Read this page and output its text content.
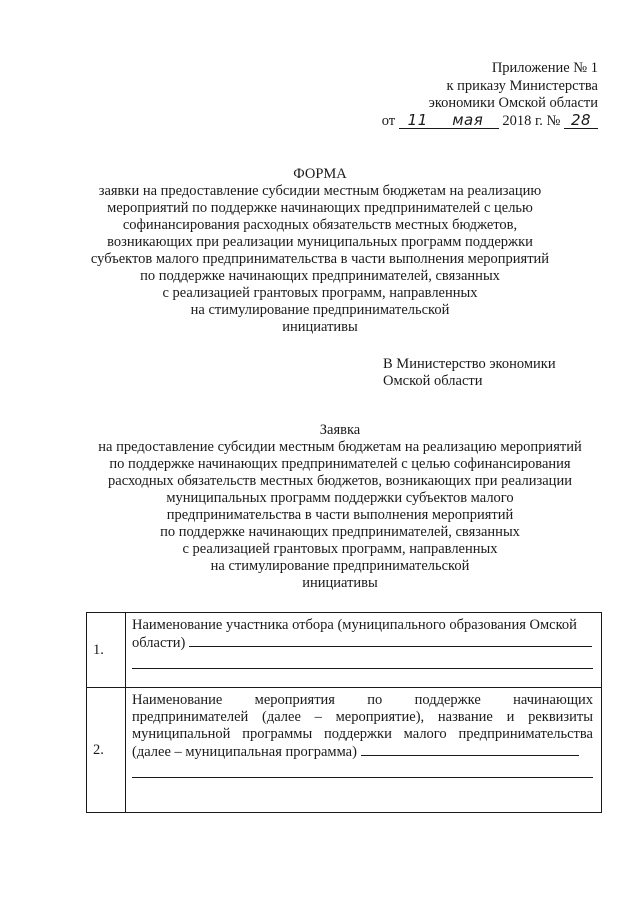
Приложение № 1
к приказу Министерства
экономики Омской области
от 11 мая 2018 г. № 28
ФОРМА
заявки на предоставление субсидии местным бюджетам на реализацию
мероприятий по поддержке начинающих предпринимателей с целью
софинансирования расходных обязательств местных бюджетов,
возникающих при реализации муниципальных программ поддержки
субъектов малого предпринимательства в части выполнения мероприятий
по поддержке начинающих предпринимателей, связанных
с реализацией грантовых программ, направленных
на стимулирование предпринимательской
инициативы
В Министерство экономики
Омской области
Заявка
на предоставление субсидии местным бюджетам на реализацию мероприятий
по поддержке начинающих предпринимателей с целью софинансирования
расходных обязательств местных бюджетов, возникающих при реализации
муниципальных программ поддержки субъектов малого
предпринимательства в части выполнения мероприятий
по поддержке начинающих предпринимателей, связанных
с реализацией грантовых программ, направленных
на стимулирование предпринимательской
инициативы
1.	Наименование участника отбора (муниципального образования Омской
области)

2.	Наименование мероприятия по поддержке начинающих
предпринимателей (далее – мероприятие), название и реквизиты
муниципальной программы поддержки малого предпринимательства
(далее – муниципальная программа)
